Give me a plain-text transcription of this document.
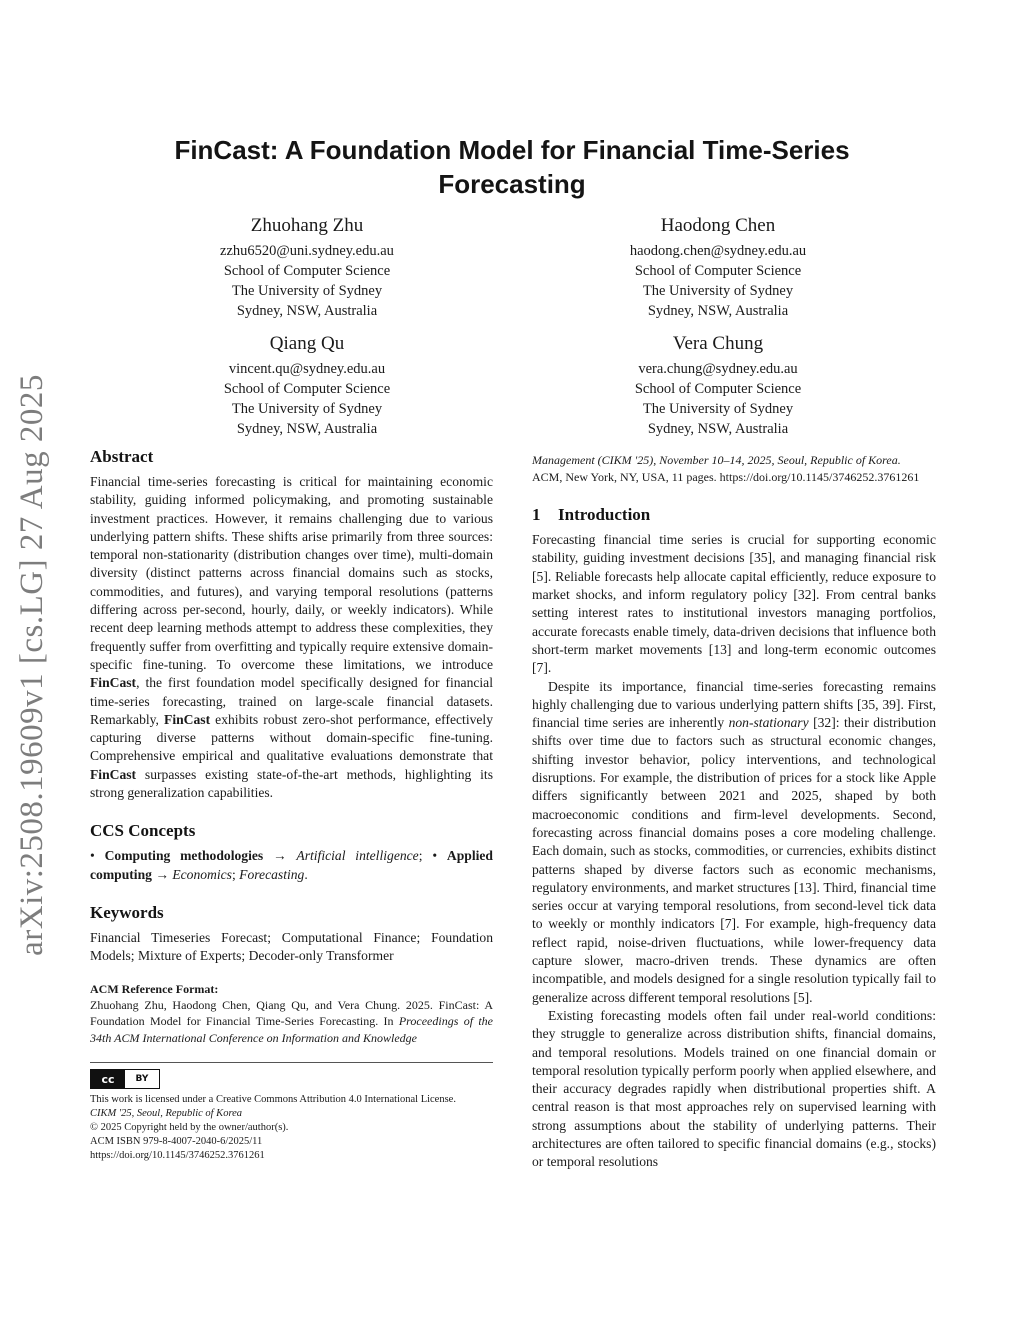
arXiv:2508.19609v1 [cs.LG] 27 Aug 2025
FinCast: A Foundation Model for Financial Time-Series
Forecasting
Zhuohang Zhu
zzhu6520@uni.sydney.edu.au
School of Computer Science
The University of Sydney
Sydney, NSW, Australia
Haodong Chen
haodong.chen@sydney.edu.au
School of Computer Science
The University of Sydney
Sydney, NSW, Australia
Qiang Qu
vincent.qu@sydney.edu.au
School of Computer Science
The University of Sydney
Sydney, NSW, Australia
Vera Chung
vera.chung@sydney.edu.au
School of Computer Science
The University of Sydney
Sydney, NSW, Australia
Abstract

Financial time-series forecasting is critical for maintaining economic stability, guiding informed policymaking, and promoting sustainable investment practices. However, it remains challenging due to various underlying pattern shifts. These shifts arise primarily from three sources: temporal non-stationarity (distribution changes over time), multi-domain diversity (distinct patterns across financial domains such as stocks, commodities, and futures), and varying temporal resolutions (patterns differing across per-second, hourly, daily, or weekly indicators). While recent deep learning methods attempt to address these complexities, they frequently suffer from overfitting and typically require extensive domain-specific fine-tuning. To overcome these limitations, we introduce FinCast, the first foundation model specifically designed for financial time-series forecasting, trained on large-scale financial datasets. Remarkably, FinCast exhibits robust zero-shot performance, effectively capturing diverse patterns without domain-specific fine-tuning. Comprehensive empirical and qualitative evaluations demonstrate that FinCast surpasses existing state-of-the-art methods, highlighting its strong generalization capabilities.

CCS Concepts

• Computing methodologies → Artificial intelligence; • Applied computing → Economics; Forecasting.

Keywords

Financial Timeseries Forecast; Computational Finance; Foundation Models; Mixture of Experts; Decoder-only Transformer

ACM Reference Format:

Zhuohang Zhu, Haodong Chen, Qiang Qu, and Vera Chung. 2025. FinCast: A Foundation Model for Financial Time-Series Forecasting. In Proceedings of the 34th ACM International Conference on Information and Knowledge

cc	BY
This work is licensed under a Creative Commons Attribution 4.0 International License.
CIKM '25, Seoul, Republic of Korea
© 2025 Copyright held by the owner/author(s).
ACM ISBN 979-8-4007-2040-6/2025/11
https://doi.org/10.1145/3746252.3761261

Management (CIKM '25), November 10–14, 2025, Seoul, Republic of Korea.
ACM, New York, NY, USA, 11 pages. https://doi.org/10.1145/3746252.3761261

1 Introduction

Forecasting financial time series is crucial for supporting economic stability, guiding investment decisions [35], and managing financial risk [5]. Reliable forecasts help allocate capital efficiently, reduce exposure to market shocks, and inform regulatory policy [32]. From central banks setting interest rates to institutional investors managing portfolios, accurate forecasts enable timely, data-driven decisions that influence both short-term market movements [13] and long-term economic outcomes [7].

Despite its importance, financial time-series forecasting remains highly challenging due to various underlying pattern shifts [35, 39]. First, financial time series are inherently non-stationary [32]: their distribution shifts over time due to factors such as structural economic changes, shifting investor behavior, policy interventions, and technological disruptions. For example, the distribution of prices for a stock like Apple differs significantly between 2021 and 2025, shaped by both macroeconomic conditions and firm-level developments. Second, forecasting across financial domains poses a core modeling challenge. Each domain, such as stocks, commodities, or currencies, exhibits distinct patterns shaped by diverse factors such as economic mechanisms, regulatory environments, and market structures [13]. Third, financial time series occur at varying temporal resolutions, from second-level tick data to weekly or monthly indicators [7]. For example, high-frequency data reflect rapid, noise-driven fluctuations, while lower-frequency data capture slower, macro-driven trends. These dynamics are often incompatible, and models designed for a single resolution typically fail to generalize across different temporal resolutions [5].

Existing forecasting models often fail under real-world conditions: they struggle to generalize across distribution shifts, financial domains, and temporal resolutions. Models trained on one financial domain or temporal resolution typically perform poorly when applied elsewhere, and their accuracy degrades rapidly when distributional properties shift. A central reason is that most approaches rely on supervised learning with strong assumptions about the stability of underlying patterns. Their architectures are often tailored to specific financial domains (e.g., stocks) or temporal resolutions
